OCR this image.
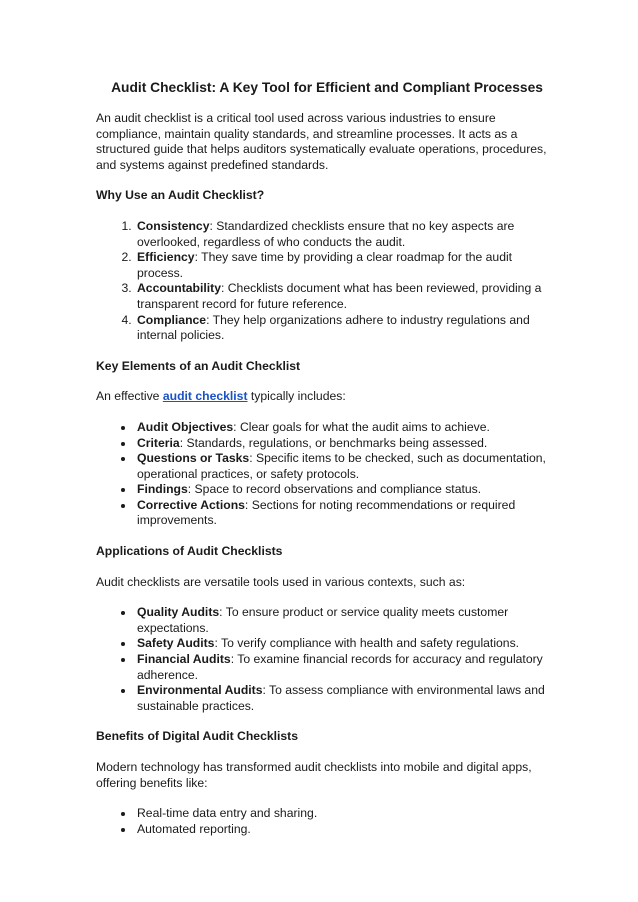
Audit Checklist: A Key Tool for Efficient and Compliant Processes

An audit checklist is a critical tool used across various industries to ensure compliance, maintain quality standards, and streamline processes. It acts as a structured guide that helps auditors systematically evaluate operations, procedures, and systems against predefined standards.

Why Use an Audit Checklist?
1. Consistency: Standardized checklists ensure that no key aspects are overlooked, regardless of who conducts the audit.
2. Efficiency: They save time by providing a clear roadmap for the audit process.
3. Accountability: Checklists document what has been reviewed, providing a transparent record for future reference.
4. Compliance: They help organizations adhere to industry regulations and internal policies.
Key Elements of an Audit Checklist

An effective audit checklist typically includes:

• Audit Objectives: Clear goals for what the audit aims to achieve.
• Criteria: Standards, regulations, or benchmarks being assessed.
• Questions or Tasks: Specific items to be checked, such as documentation, operational practices, or safety protocols.
• Findings: Space to record observations and compliance status.
• Corrective Actions: Sections for noting recommendations or required improvements.
Applications of Audit Checklists

Audit checklists are versatile tools used in various contexts, such as:

• Quality Audits: To ensure product or service quality meets customer expectations.
• Safety Audits: To verify compliance with health and safety regulations.
• Financial Audits: To examine financial records for accuracy and regulatory adherence.
• Environmental Audits: To assess compliance with environmental laws and sustainable practices.
Benefits of Digital Audit Checklists

Modern technology has transformed audit checklists into mobile and digital apps, offering benefits like:

• Real-time data entry and sharing.
• Automated reporting.
